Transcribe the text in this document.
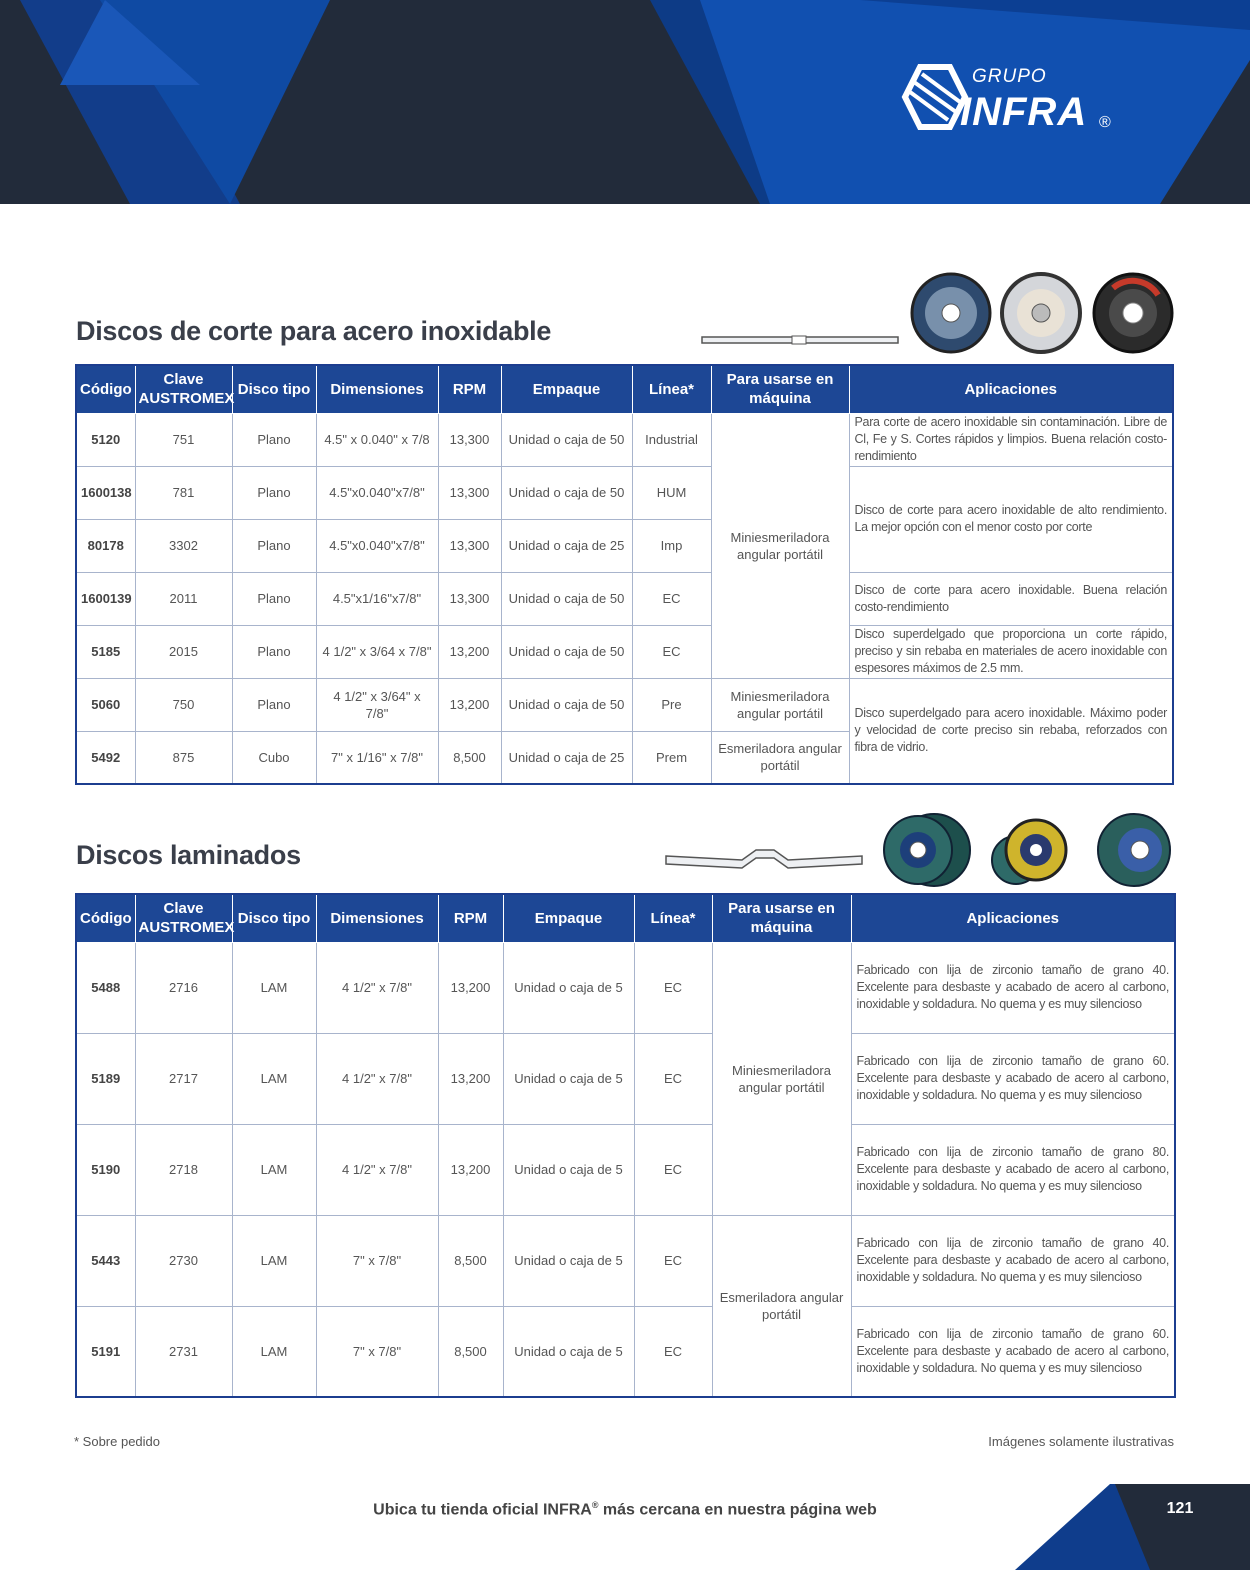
GRUPO
INFRA ®
Discos de corte para acero inoxidable
Código	Clave AUSTROMEX	Disco tipo	Dimensiones	RPM	Empaque	Línea*	Para usarse en máquina	Aplicaciones
5120	751	Plano	4.5" x 0.040" x 7/8	13,300	Unidad o caja de 50	Industrial	Miniesmeriladora angular portátil	Para corte de acero inoxidable sin contaminación. Libre de Cl, Fe y S. Cortes rápidos y limpios. Buena relación costo-rendimiento
1600138	781	Plano	4.5"x0.040"x7/8"	13,300	Unidad o caja de 50	HUM		Disco de corte para acero inoxidable de alto rendimiento. La mejor opción con el menor costo por corte
80178	3302	Plano	4.5"x0.040"x7/8"	13,300	Unidad o caja de 25	Imp		
1600139	2011	Plano	4.5"x1/16"x7/8"	13,300	Unidad o caja de 50	EC		Disco de corte para acero inoxidable. Buena relación costo-rendimiento
5185	2015	Plano	4 1/2" x 3/64 x 7/8"	13,200	Unidad o caja de 50	EC		Disco superdelgado que proporciona un corte rápido, preciso y sin rebaba en materiales de acero inoxidable con espesores máximos de 2.5 mm.
5060	750	Plano	4 1/2" x 3/64" x 7/8"	13,200	Unidad o caja de 50	Pre	Miniesmeriladora angular portátil	Disco superdelgado para acero inoxidable. Máximo poder y velocidad de corte preciso sin rebaba, reforzados con fibra de vidrio.
5492	875	Cubo	7" x 1/16" x 7/8"	8,500	Unidad o caja de 25	Prem	Esmeriladora angular portátil	
Discos laminados
Código	Clave AUSTROMEX	Disco tipo	Dimensiones	RPM	Empaque	Línea*	Para usarse en máquina	Aplicaciones
5488	2716	LAM	4 1/2" x 7/8"	13,200	Unidad o caja de 5	EC	Miniesmeriladora angular portátil	Fabricado con lija de zirconio tamaño de grano 40. Excelente para desbaste y acabado de acero al carbono, inoxidable y soldadura. No quema y es muy silencioso
5189	2717	LAM	4 1/2" x 7/8"	13,200	Unidad o caja de 5	EC		Fabricado con lija de zirconio tamaño de grano 60. Excelente para desbaste y acabado de acero al carbono, inoxidable y soldadura. No quema y es muy silencioso
5190	2718	LAM	4 1/2" x 7/8"	13,200	Unidad o caja de 5	EC		Fabricado con lija de zirconio tamaño de grano 80. Excelente para desbaste y acabado de acero al carbono, inoxidable y soldadura. No quema y es muy silencioso
5443	2730	LAM	7" x 7/8"	8,500	Unidad o caja de 5	EC	Esmeriladora angular portátil	Fabricado con lija de zirconio tamaño de grano 40. Excelente para desbaste y acabado de acero al carbono, inoxidable y soldadura. No quema y es muy silencioso
5191	2731	LAM	7" x 7/8"	8,500	Unidad o caja de 5	EC		Fabricado con lija de zirconio tamaño de grano 60. Excelente para desbaste y acabado de acero al carbono, inoxidable y soldadura. No quema y es muy silencioso
* Sobre pedido	Imágenes solamente ilustrativas
Ubica tu tienda oficial INFRA® más cercana en nuestra página web	121
